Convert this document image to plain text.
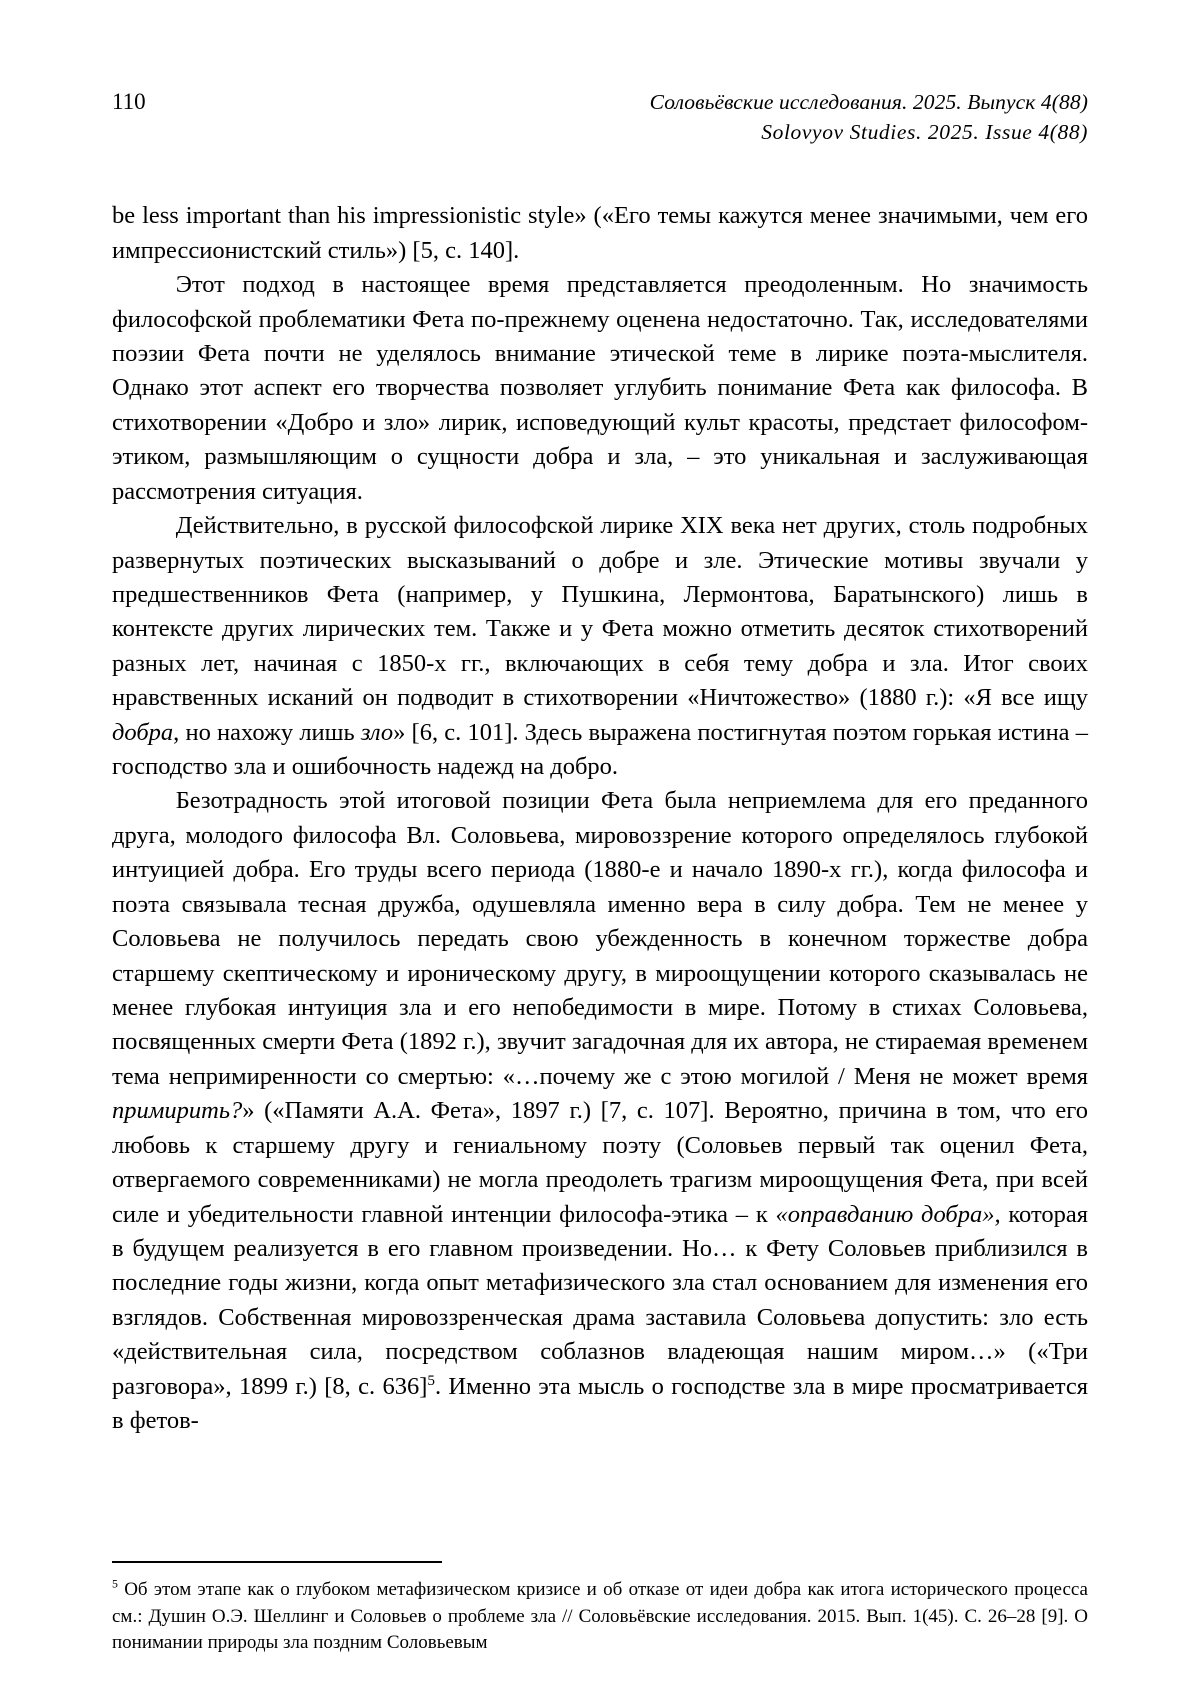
110	Соловьёвские исследования. 2025. Выпуск 4(88)
Solovyov Studies. 2025. Issue 4(88)

be less important than his impressionistic style» («Его темы кажутся менее значимыми, чем его импрессионистский стиль») [5, с. 140].

Этот подход в настоящее время представляется преодоленным. Но значимость философской проблематики Фета по-прежнему оценена недостаточно. Так, исследователями поэзии Фета почти не уделялось внимание этической теме в лирике поэта-мыслителя. Однако этот аспект его творчества позволяет углубить понимание Фета как философа. В стихотворении «Добро и зло» лирик, исповедующий культ красоты, предстает философом-этиком, размышляющим о сущности добра и зла, – это уникальная и заслуживающая рассмотрения ситуация.

Действительно, в русской философской лирике XIX века нет других, столь подробных развернутых поэтических высказываний о добре и зле. Этические мотивы звучали у предшественников Фета (например, у Пушкина, Лермонтова, Баратынского) лишь в контексте других лирических тем. Также и у Фета можно отметить десяток стихотворений разных лет, начиная с 1850-х гг., включающих в себя тему добра и зла. Итог своих нравственных исканий он подводит в стихотворении «Ничтожество» (1880 г.): «Я все ищу добра, но нахожу лишь зло» [6, с. 101]. Здесь выражена постигнутая поэтом горькая истина – господство зла и ошибочность надежд на добро.

Безотрадность этой итоговой позиции Фета была неприемлема для его преданного друга, молодого философа Вл. Соловьева, мировоззрение которого определялось глубокой интуицией добра. Его труды всего периода (1880-е и начало 1890-х гг.), когда философа и поэта связывала тесная дружба, одушевляла именно вера в силу добра. Тем не менее у Соловьева не получилось передать свою убежденность в конечном торжестве добра старшему скептическому и ироническому другу, в мироощущении которого сказывалась не менее глубокая интуиция зла и его непобедимости в мире. Потому в стихах Соловьева, посвященных смерти Фета (1892 г.), звучит загадочная для их автора, не стираемая временем тема непримиренности со смертью: «…почему же с этою могилой / Меня не может время примирить?» («Памяти А.А. Фета», 1897 г.) [7, с. 107]. Вероятно, причина в том, что его любовь к старшему другу и гениальному поэту (Соловьев первый так оценил Фета, отвергаемого современниками) не могла преодолеть трагизм мироощущения Фета, при всей силе и убедительности главной интенции философа-этика – к «оправданию добра», которая в будущем реализуется в его главном произведении. Но… к Фету Соловьев приблизился в последние годы жизни, когда опыт метафизического зла стал основанием для изменения его взглядов. Собственная мировоззренческая драма заставила Соловьева допустить: зло есть «действительная сила, посредством соблазнов владеющая нашим миром…» («Три разговора», 1899 г.) [8, с. 636]$^5$. Именно эта мысль о господстве зла в мире просматривается в фетов-

$^5$ Об этом этапе как о глубоком метафизическом кризисе и об отказе от идеи добра как итога исторического процесса см.: Душин О.Э. Шеллинг и Соловьев о проблеме зла // Соловьёвские исследования. 2015. Вып. 1(45). С. 26–28 [9]. О понимании природы зла поздним Соловьевым
